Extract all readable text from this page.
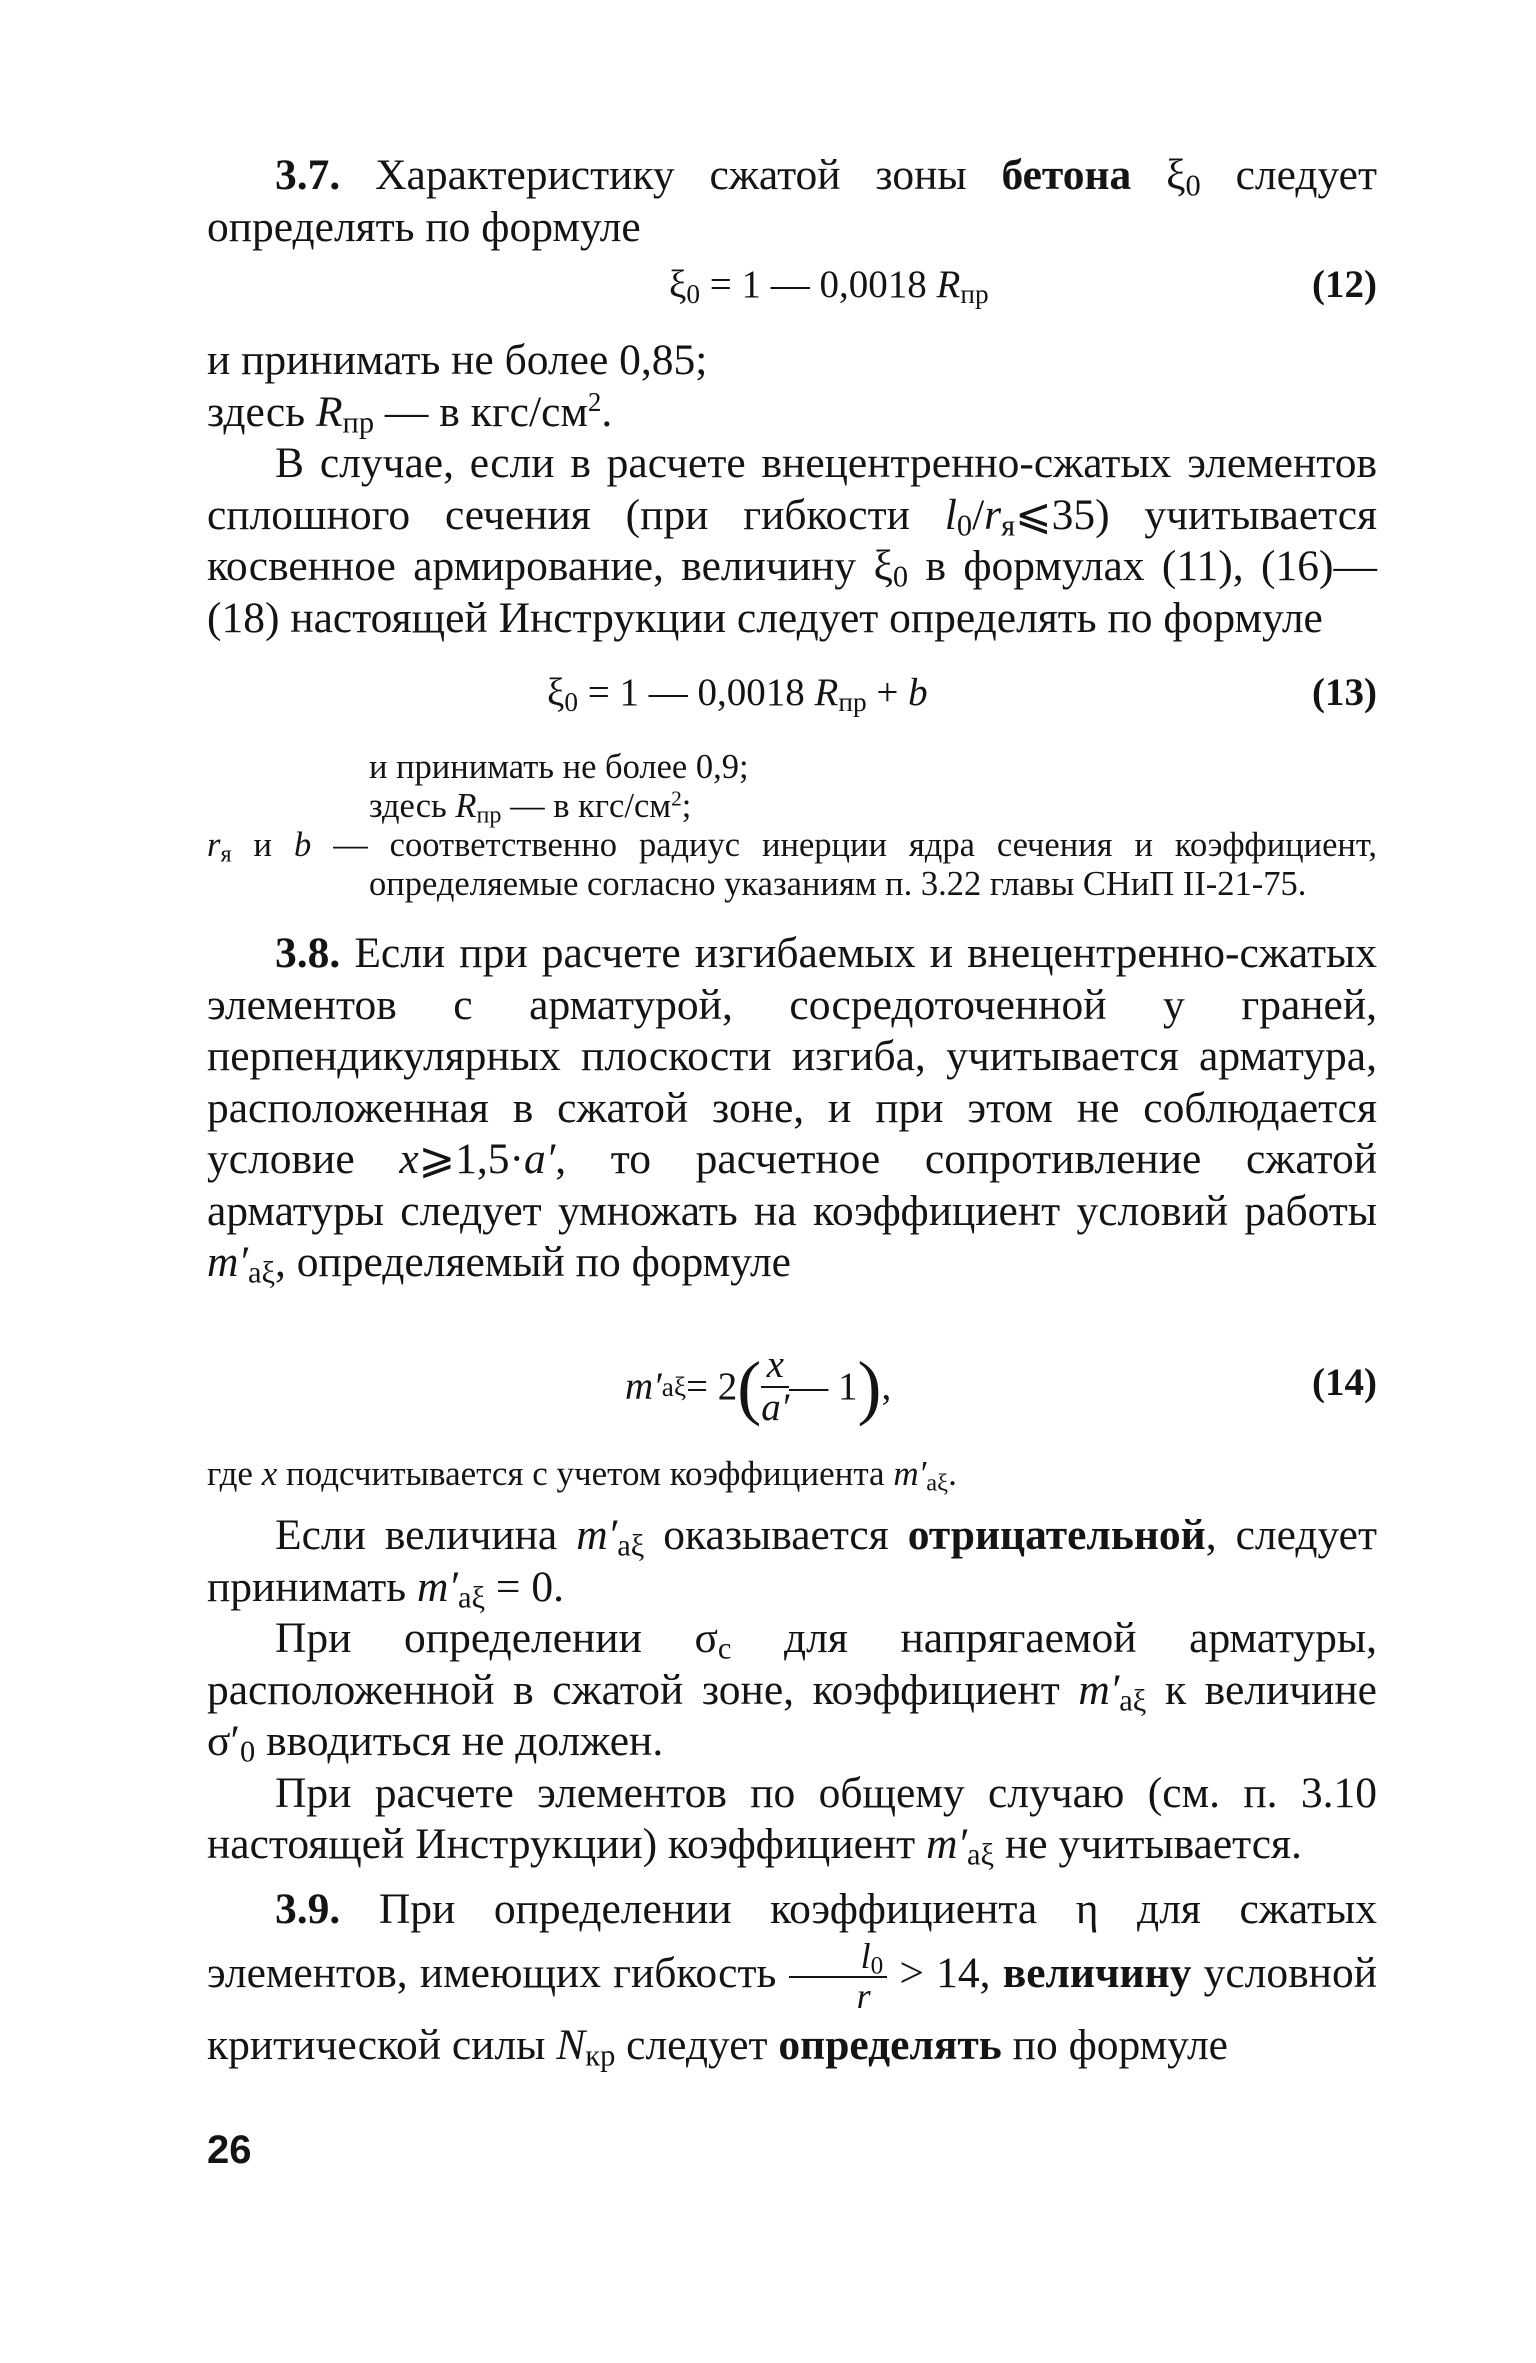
3.7. Характеристику сжатой зоны бетона $\xi_0$ следует определять по формуле

$\xi_0 = 1$ — 0,0018 $R_{пр}$	(12)

и принимать не более 0,85;

здесь $R_{пр}$ — в кгс/$см^2$.

В случае, если в расчете внецентренно-сжатых элементов сплошного сечения (при гибкости $l_0/r_я⩽35$) учитывается косвенное армирование, величину $\xi_0$ в формулах (11), (16)—(18) настоящей Инструкции следует определять по формуле

$\xi_0 = 1$ — 0,0018 $R_{пр} + b$	(13)
и принимать не более 0,9;
здесь $R_{пр}$ — в кгс/$см^2$;
$r_я$ и b — соответственно радиус инерции ядра сечения и коэффициент, определяемые согласно указаниям п. 3.22 главы СНиП II-21-75.

3.8. Если при расчете изгибаемых и внецентренно-сжатых элементов с арматурой, сосредоточенной у граней, перпендикулярных плоскости изгиба, учитывается арматура, расположенная в сжатой зоне, и при этом не соблюдается условие x⩾1,5·a′, то расчетное сопротивление сжатой арматуры следует умножать на коэффициент условий работы $m'_{a\xi}$, определяемый по формуле

m′ aξ = 2 ( $\frac{x}{a'}$ — 1 ) ,	(14)

где x подсчитывается с учетом коэффициента $m'_{a\xi}$.

Если величина $m'_{a\xi}$ оказывается отрицательной, следует принимать $m'_{a\xi} = 0$.

При определении $\sigma_c$ для напрягаемой арматуры, расположенной в сжатой зоне, коэффициент $m'_{a\xi}$ к величине $\sigma'_0$ вводиться не должен.

При расчете элементов по общему случаю (см. п. 3.10 настоящей Инструкции) коэффициент $m'_{a\xi}$ не учитывается.

3.9. При определении коэффициента η для сжатых элементов, имеющих гибкость $\frac{l_0}{r} > 14$, величину условной критической силы $N_{кр}$ следует определять по формуле

26
